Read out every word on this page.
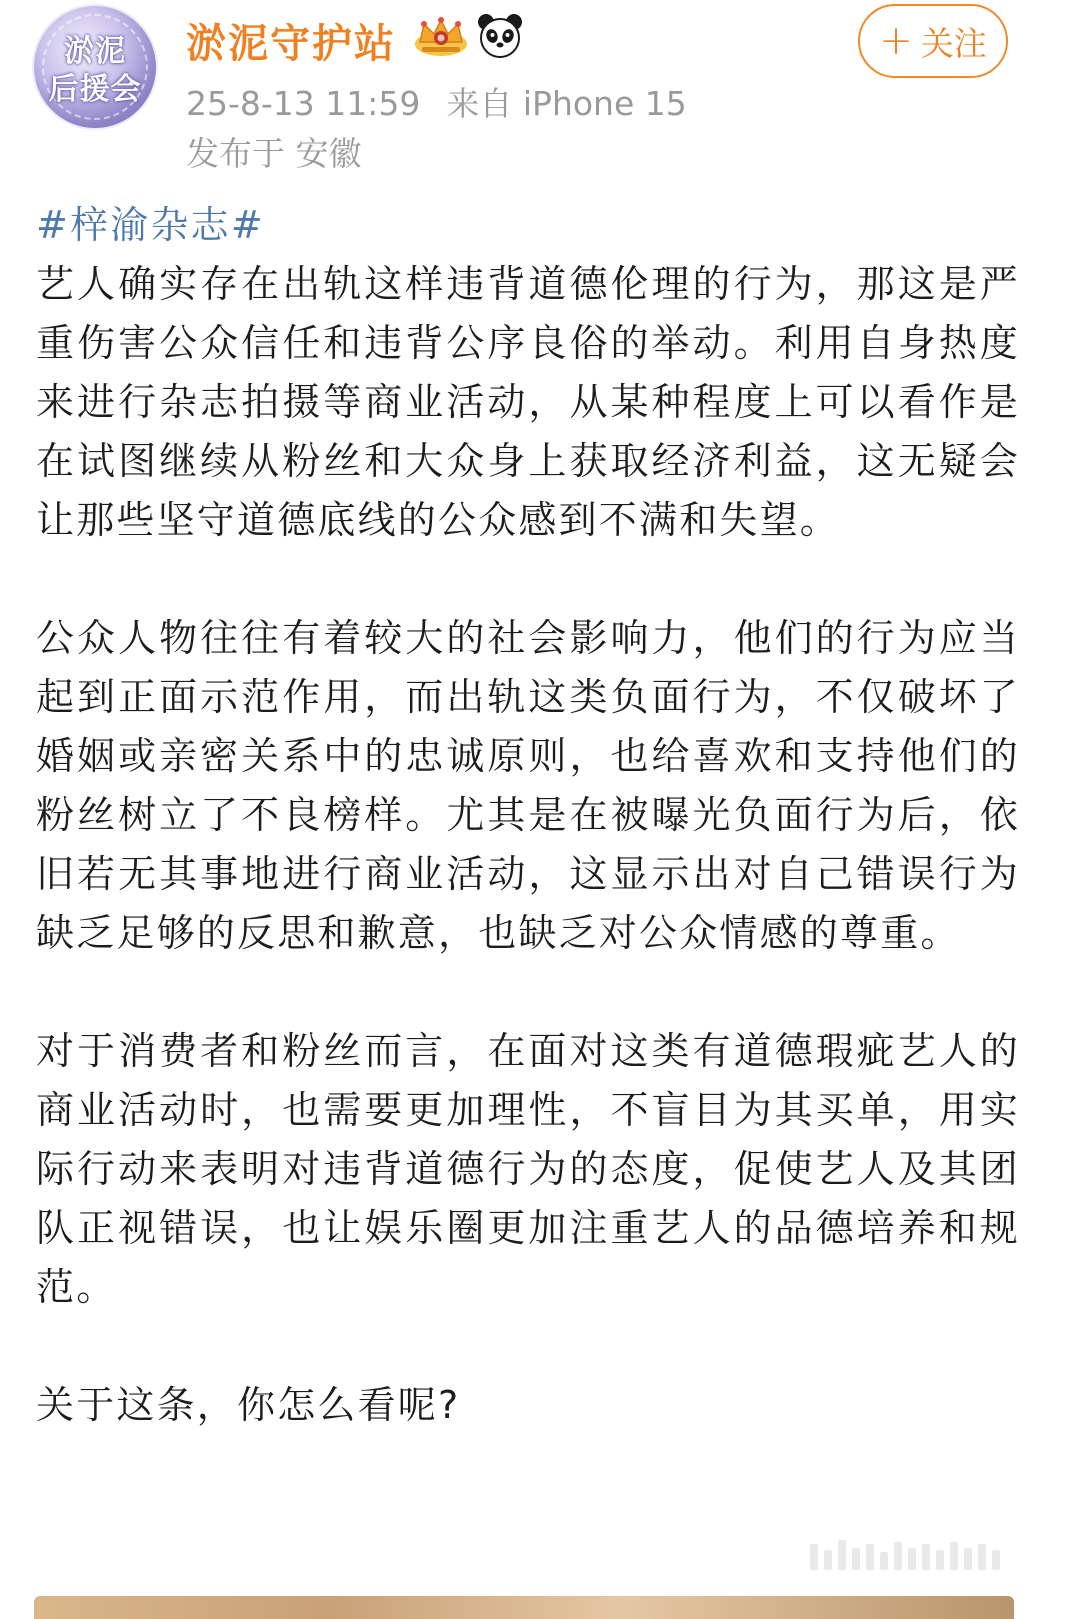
淤泥
后援会
淤泥守护站
25-8-13 11:59 来自 iPhone 15
发布于 安徽
+ 关注
#梓渝杂志#

艺人确实存在出轨这样违背道德伦理的行为，那这是严重伤害公众信任和违背公序良俗的举动。利用自身热度来进行杂志拍摄等商业活动，从某种程度上可以看作是在试图继续从粉丝和大众身上获取经济利益，这无疑会让那些坚守道德底线的公众感到不满和失望。

公众人物往往有着较大的社会影响力，他们的行为应当起到正面示范作用，而出轨这类负面行为，不仅破坏了婚姻或亲密关系中的忠诚原则，也给喜欢和支持他们的粉丝树立了不良榜样。尤其是在被曝光负面行为后，依旧若无其事地进行商业活动，这显示出对自己错误行为缺乏足够的反思和歉意，也缺乏对公众情感的尊重。

对于消费者和粉丝而言，在面对这类有道德瑕疵艺人的商业活动时，也需要更加理性，不盲目为其买单，用实际行动来表明对违背道德行为的态度，促使艺人及其团队正视错误，也让娱乐圈更加注重艺人的品德培养和规范。

关于这条，你怎么看呢?
